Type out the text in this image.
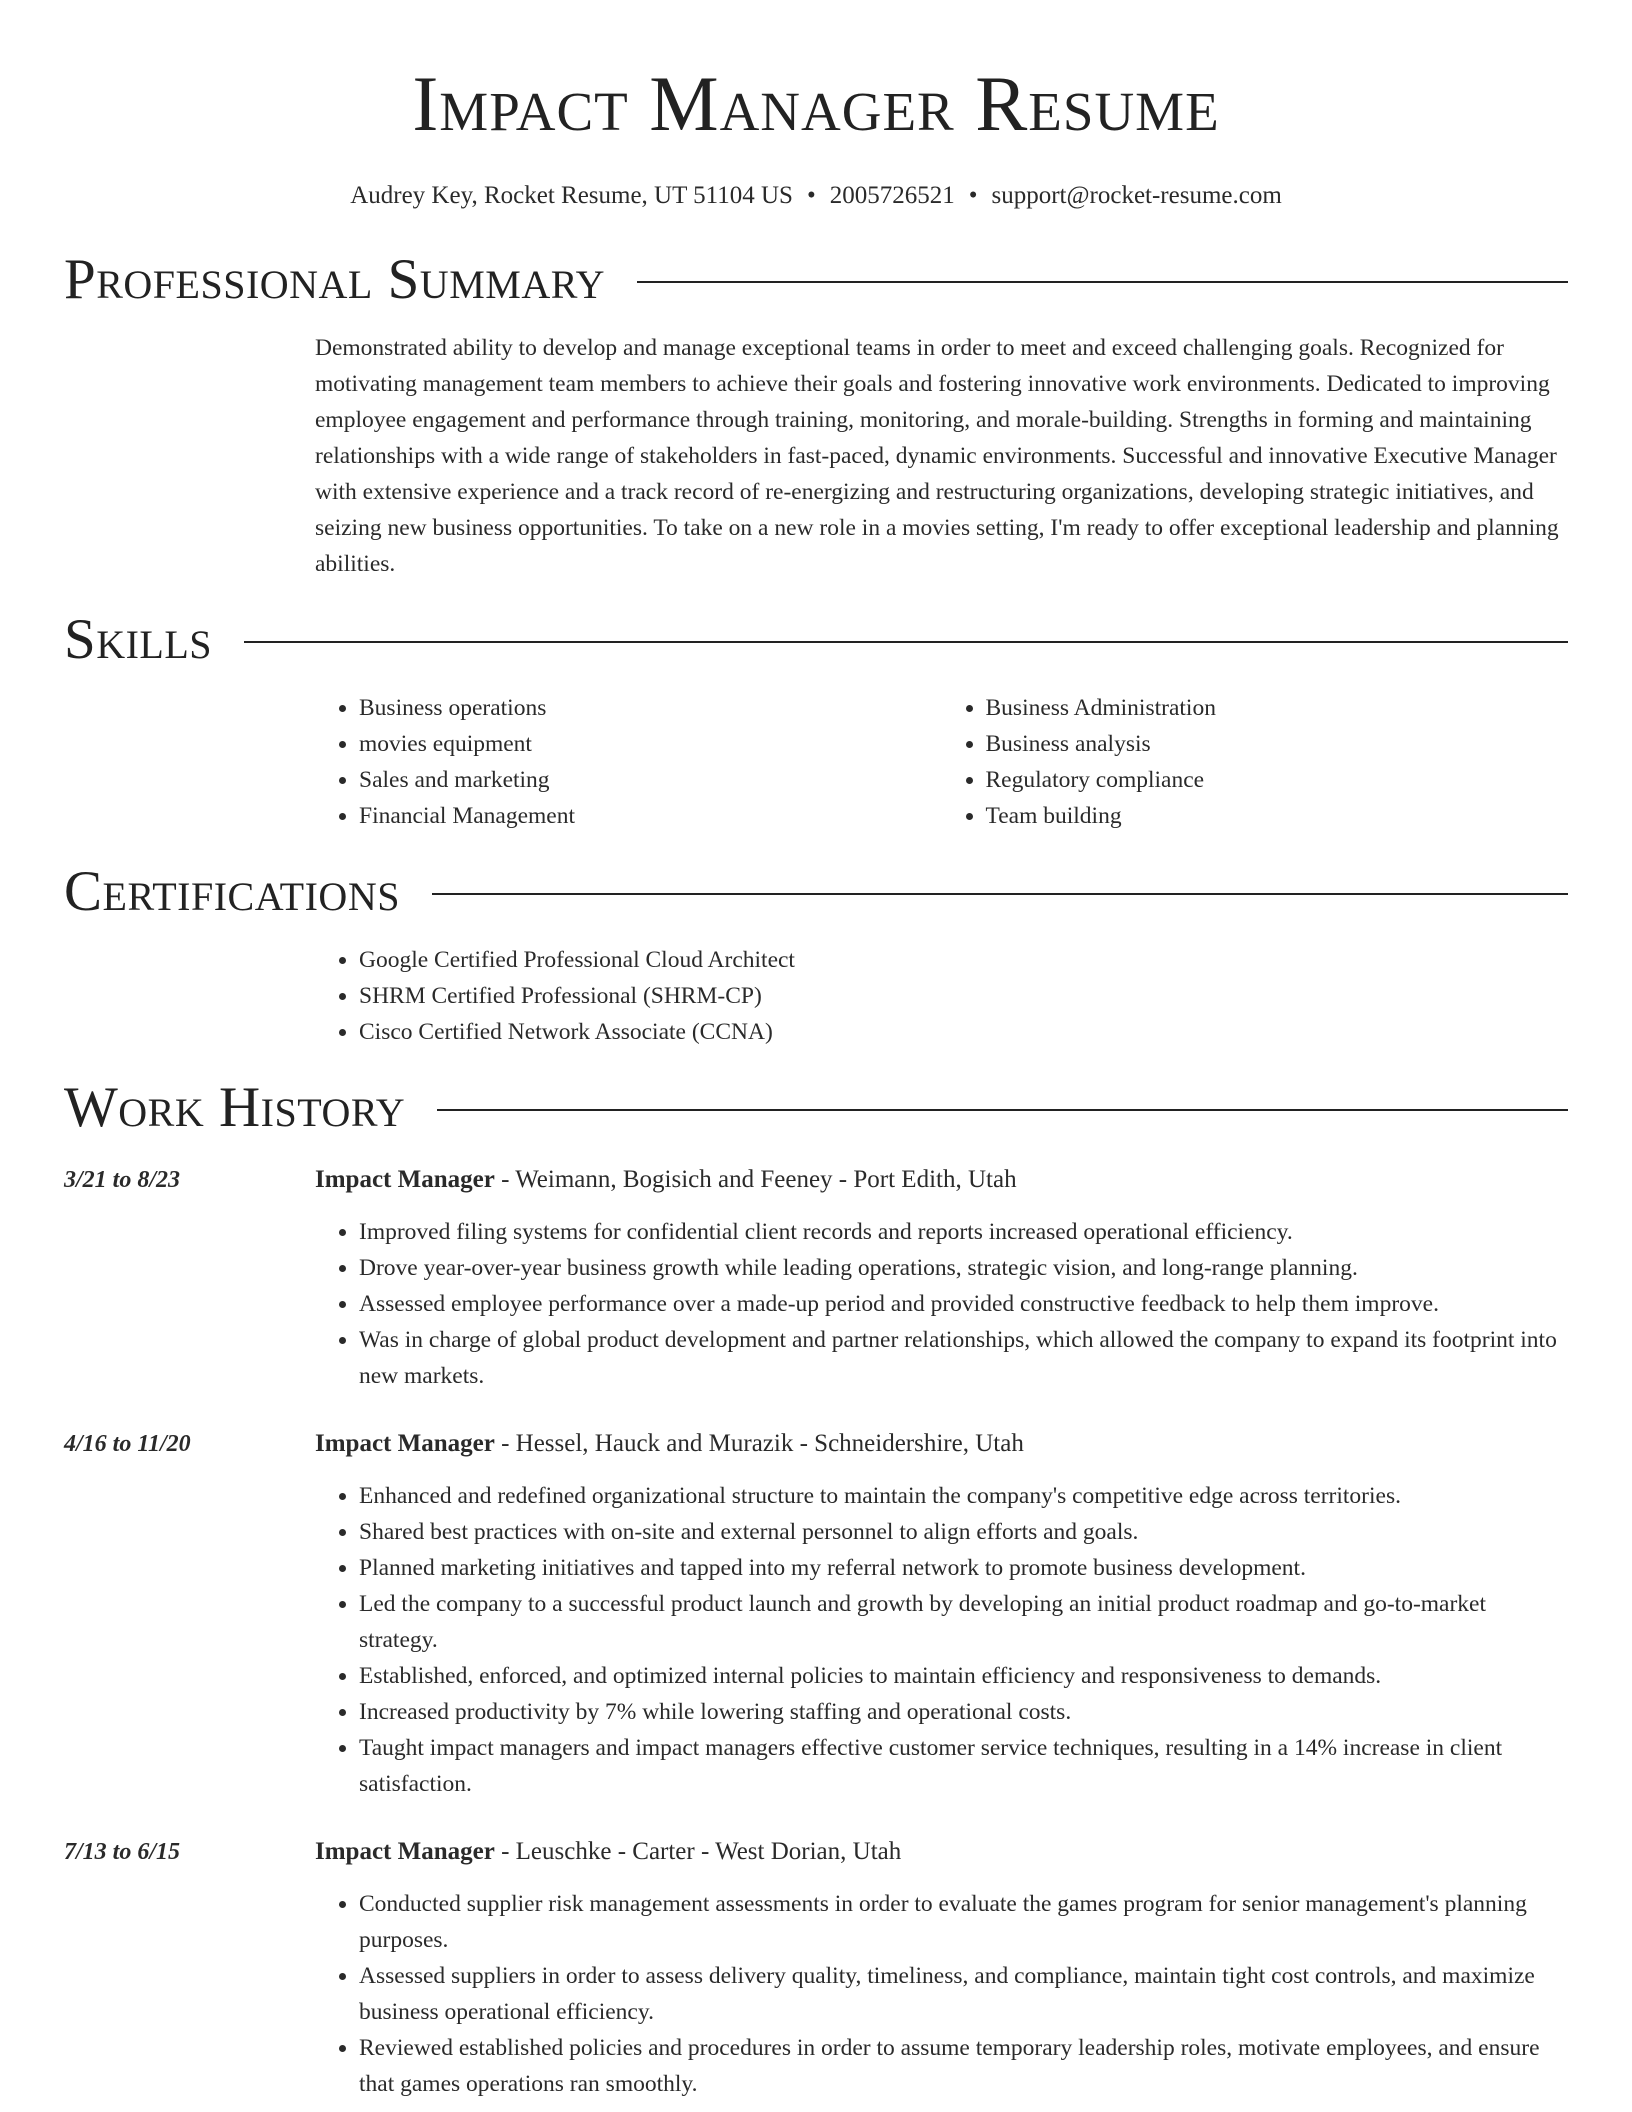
Impact Manager Resume
Audrey Key, Rocket Resume, UT 51104 US • 2005726521 • support@rocket-resume.com
Professional Summary
Demonstrated ability to develop and manage exceptional teams in order to meet and exceed challenging goals. Recognized for motivating management team members to achieve their goals and fostering innovative work environments. Dedicated to improving employee engagement and performance through training, monitoring, and morale-building. Strengths in forming and maintaining relationships with a wide range of stakeholders in fast-paced, dynamic environments. Successful and innovative Executive Manager with extensive experience and a track record of re-energizing and restructuring organizations, developing strategic initiatives, and seizing new business opportunities. To take on a new role in a movies setting, I'm ready to offer exceptional leadership and planning abilities.
Skills
• Business operations
• movies equipment
• Sales and marketing
• Financial Management
• Business Administration
• Business analysis
• Regulatory compliance
• Team building
Certifications
• Google Certified Professional Cloud Architect
• SHRM Certified Professional (SHRM-CP)
• Cisco Certified Network Associate (CCNA)
Work History
3/21 to 8/23	Impact Manager - Weimann, Bogisich and Feeney - Port Edith, Utah
• Improved filing systems for confidential client records and reports increased operational efficiency.
• Drove year-over-year business growth while leading operations, strategic vision, and long-range planning.
• Assessed employee performance over a made-up period and provided constructive feedback to help them improve.
• Was in charge of global product development and partner relationships, which allowed the company to expand its footprint into new markets.
4/16 to 11/20	Impact Manager - Hessel, Hauck and Murazik - Schneidershire, Utah
• Enhanced and redefined organizational structure to maintain the company's competitive edge across territories.
• Shared best practices with on-site and external personnel to align efforts and goals.
• Planned marketing initiatives and tapped into my referral network to promote business development.
• Led the company to a successful product launch and growth by developing an initial product roadmap and go-to-market strategy.
• Established, enforced, and optimized internal policies to maintain efficiency and responsiveness to demands.
• Increased productivity by 7% while lowering staffing and operational costs.
• Taught impact managers and impact managers effective customer service techniques, resulting in a 14% increase in client satisfaction.
7/13 to 6/15	Impact Manager - Leuschke - Carter - West Dorian, Utah
• Conducted supplier risk management assessments in order to evaluate the games program for senior management's planning purposes.
• Assessed suppliers in order to assess delivery quality, timeliness, and compliance, maintain tight cost controls, and maximize business operational efficiency.
• Reviewed established policies and procedures in order to assume temporary leadership roles, motivate employees, and ensure that games operations ran smoothly.
